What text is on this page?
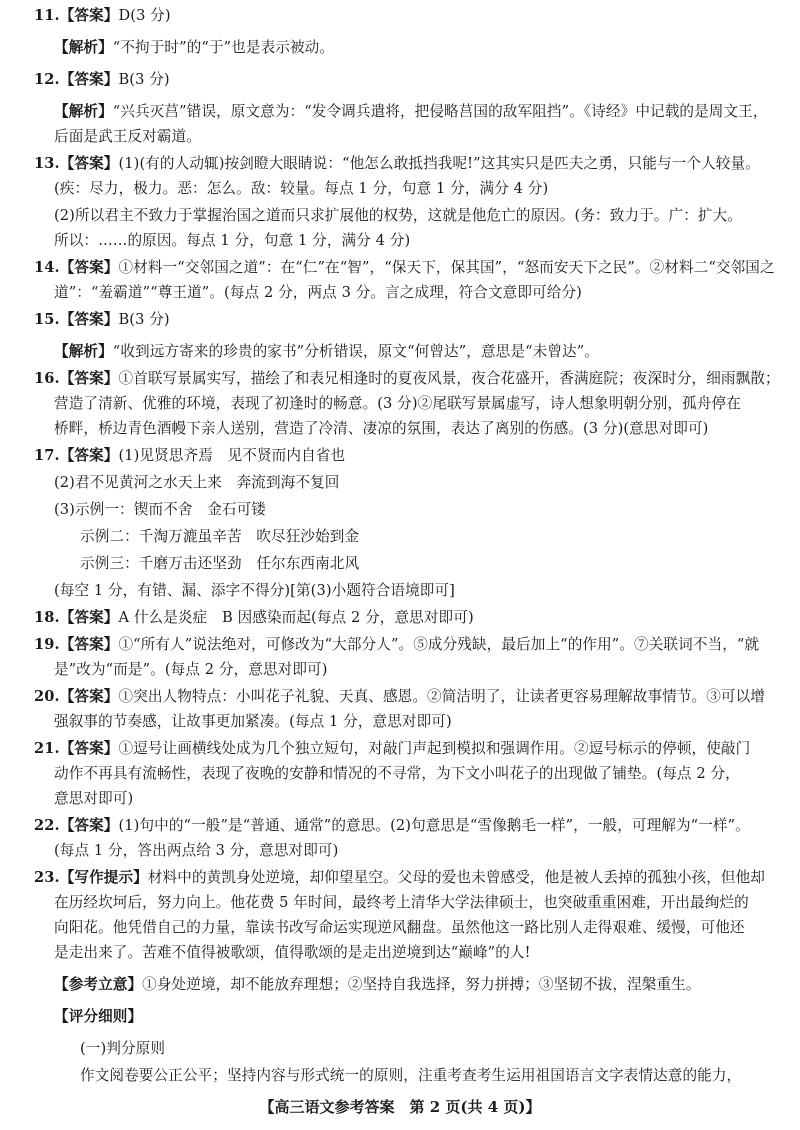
11.【答案】D(3 分)
【解析】“不拘于时”的“于”也是表示被动。
12.【答案】B(3 分)
【解析】“兴兵灭莒”错误，原文意为：“发令调兵遣将，把侵略莒国的敌军阻挡”。《诗经》中记载的是周文王，
后面是武王反对霸道。
13.【答案】(1)(有的人动辄)按剑瞪大眼睛说：“他怎么敢抵挡我呢!”这其实只是匹夫之勇，只能与一个人较量。
(疾：尽力，极力。恶：怎么。敌：较量。每点 1 分，句意 1 分，满分 4 分)
(2)所以君主不致力于掌握治国之道而只求扩展他的权势，这就是他危亡的原因。(务：致力于。广：扩大。
所以：……的原因。每点 1 分，句意 1 分，满分 4 分)
14.【答案】①材料一“交邻国之道”：在“仁”在“智”，“保天下，保其国”，“怒而安天下之民”。②材料二“交邻国之
道”：“羞霸道”“尊王道”。(每点 2 分，两点 3 分。言之成理，符合文意即可给分)
15.【答案】B(3 分)
【解析】“收到远方寄来的珍贵的家书”分析错误，原文“何曾达”，意思是“未曾达”。
16.【答案】①首联写景属实写，描绘了和表兄相逢时的夏夜风景，夜合花盛开，香满庭院；夜深时分，细雨飘散；
营造了清新、优雅的环境，表现了初逢时的畅意。(3 分)②尾联写景属虚写，诗人想象明朝分别，孤舟停在
桥畔，桥边青色酒幔下亲人送别，营造了冷清、凄凉的氛围，表达了离别的伤感。(3 分)(意思对即可)
17.【答案】(1)见贤思齐焉　见不贤而内自省也
(2)君不见黄河之水天上来　奔流到海不复回
(3)示例一：锲而不舍　金石可镂
示例二：千淘万漉虽辛苦　吹尽狂沙始到金
示例三：千磨万击还坚劲　任尔东西南北风
(每空 1 分，有错、漏、添字不得分)[第(3)小题符合语境即可]
18.【答案】A 什么是炎症　B 因感染而起(每点 2 分，意思对即可)
19.【答案】①“所有人”说法绝对，可修改为“大部分人”。⑤成分残缺，最后加上“的作用”。⑦关联词不当，“就
是”改为“而是”。(每点 2 分，意思对即可)
20.【答案】①突出人物特点：小叫花子礼貌、天真、感恩。②简洁明了，让读者更容易理解故事情节。③可以增
强叙事的节奏感，让故事更加紧凑。(每点 1 分，意思对即可)
21.【答案】①逗号让画横线处成为几个独立短句，对敲门声起到模拟和强调作用。②逗号标示的停顿，使敲门
动作不再具有流畅性，表现了夜晚的安静和情况的不寻常，为下文小叫花子的出现做了铺垫。(每点 2 分，
意思对即可)
22.【答案】(1)句中的“一般”是“普通、通常”的意思。(2)句意思是“雪像鹅毛一样”，一般，可理解为“一样”。
(每点 1 分，答出两点给 3 分，意思对即可)
23.【写作提示】材料中的黄凯身处逆境，却仰望星空。父母的爱也未曾感受，他是被人丢掉的孤独小孩，但他却
在历经坎坷后，努力向上。他花费 5 年时间，最终考上清华大学法律硕士，也突破重重困难，开出最绚烂的
向阳花。他凭借自己的力量，靠读书改写命运实现逆风翻盘。虽然他这一路比别人走得艰难、缓慢，可他还
是走出来了。苦难不值得被歌颂，值得歌颂的是走出逆境到达“巅峰”的人!
【参考立意】①身处逆境，却不能放弃理想；②坚持自我选择，努力拼搏；③坚韧不拔，涅槃重生。
【评分细则】
(一)判分原则
作文阅卷要公正公平；坚持内容与形式统一的原则，注重考查考生运用祖国语言文字表情达意的能力，
【高三语文参考答案　第 2 页(共 4 页)】
